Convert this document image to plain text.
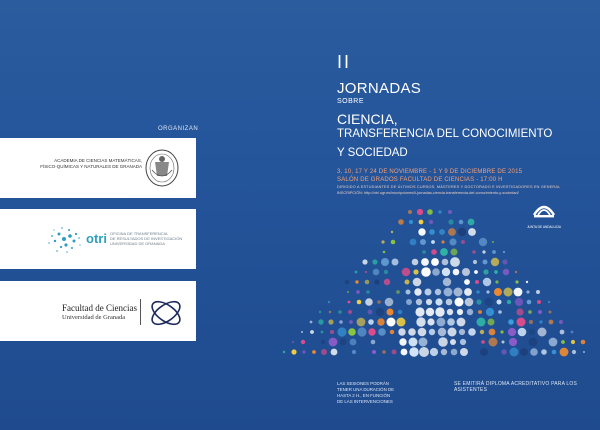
ORGANIZAN
ACADEMIA DE CIENCIAS MATEMÁTICAS,
FÍSICO-QUÍMICAS Y NATURALES DE GRANADA
otri OFICINA DE TRANSFERENCIA
DE RESULTADOS DE INVESTIGACIÓN
UNIVERSIDAD DE GRANADA
Facultad de Ciencias
Universidad de Granada
II
JORNADAS
SOBRE
CIENCIA,
TRANSFERENCIA DEL CONOCIMIENTO
Y SOCIEDAD
3, 10, 17 Y 24 DE NOVIEMBRE - 1 Y 9 DE DICIEMBRE DE 2015
SALÓN DE GRADOS FACULTAD DE CIENCIAS - 17:00 H
DIRIGIDO A ESTUDIANTES DE ÚLTIMOS CURSOS, MÁSTERES Y DOCTORADO E INVESTIGADORES EN GENERAL
INSCRIPCIÓN: http://otri.ugr.es/inscripciones/ii-jornadas-ciencia-transferencia-del-conocimiento-y-sociedad/
JUNTA DE ANDALUCIA
LAS SESIONES PODRÁN
TENER UNA DURACIÓN DE
HASTA 2 H., EN FUNCIÓN
DE LAS INTERVENCIONES
SE EMITIRÁ DIPLOMA ACREDITATIVO PARA LOS ASISTENTES
